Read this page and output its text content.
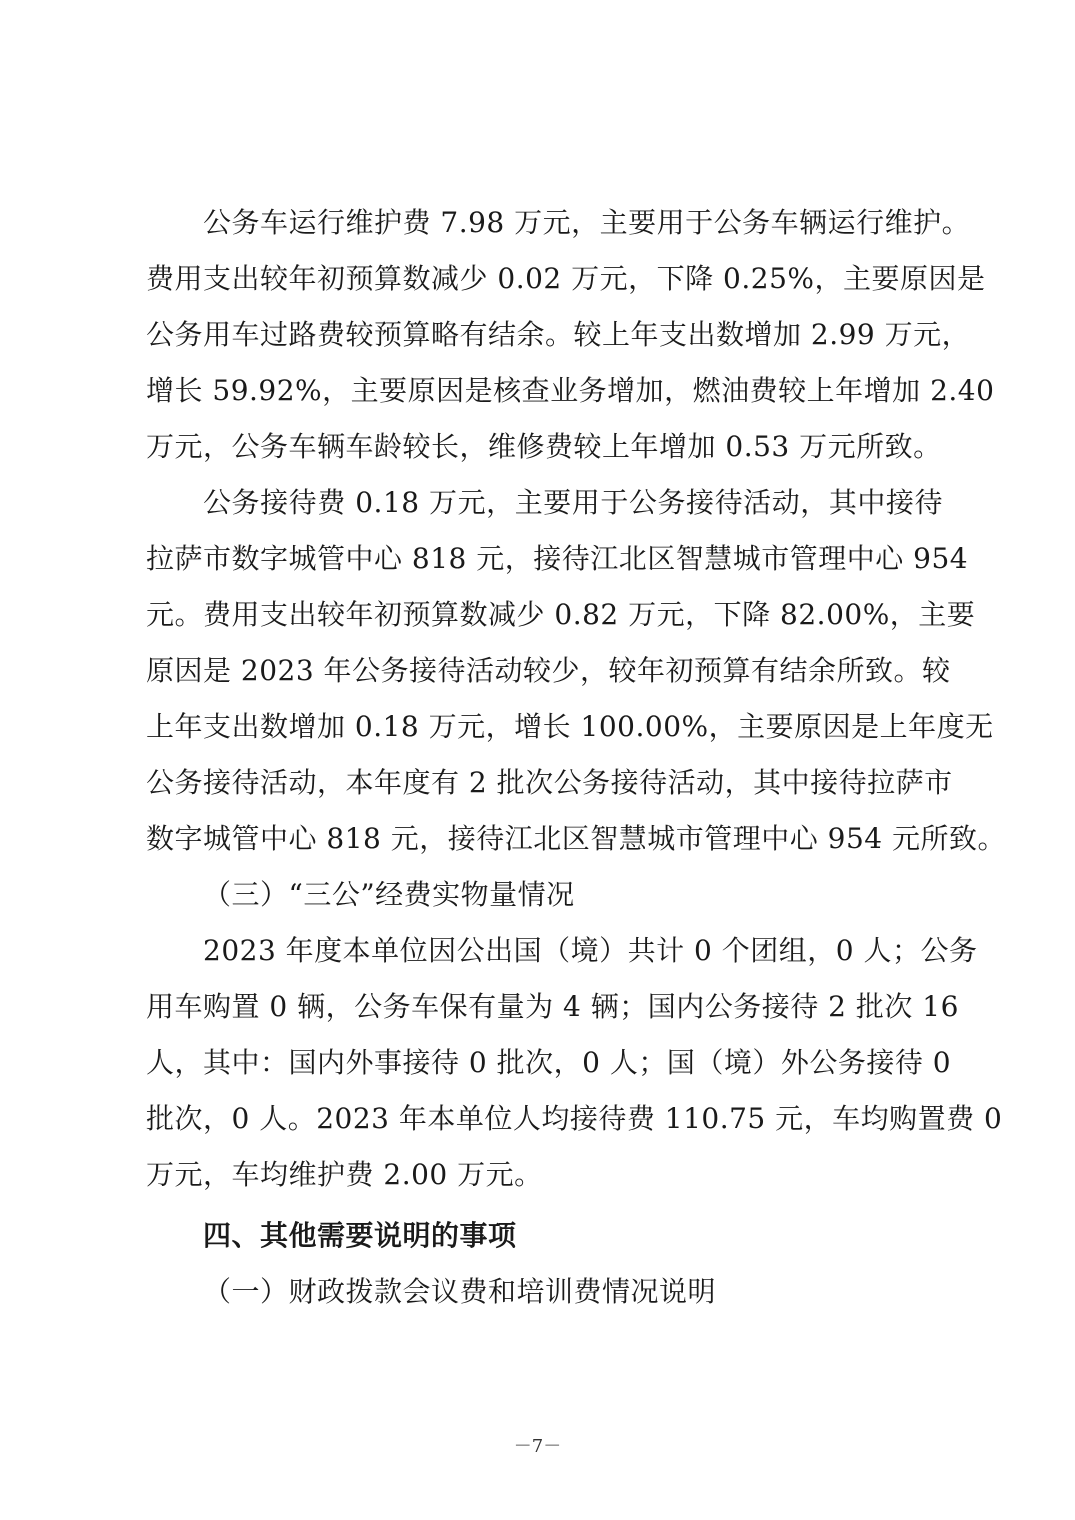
公务车运行维护费 7.98 万元，主要用于公务车辆运行维护。
费用支出较年初预算数减少 0.02 万元，下降 0.25%，主要原因是
公务用车过路费较预算略有结余。较上年支出数增加 2.99 万元，
增长 59.92%，主要原因是核查业务增加，燃油费较上年增加 2.40
万元，公务车辆车龄较长，维修费较上年增加 0.53 万元所致。
公务接待费 0.18 万元，主要用于公务接待活动，其中接待
拉萨市数字城管中心 818 元，接待江北区智慧城市管理中心 954
元。费用支出较年初预算数减少 0.82 万元，下降 82.00%，主要
原因是 2023 年公务接待活动较少，较年初预算有结余所致。较
上年支出数增加 0.18 万元，增长 100.00%，主要原因是上年度无
公务接待活动，本年度有 2 批次公务接待活动，其中接待拉萨市
数字城管中心 818 元，接待江北区智慧城市管理中心 954 元所致。
（三）“三公”经费实物量情况
2023 年度本单位因公出国（境）共计 0 个团组，0 人；公务
用车购置 0 辆，公务车保有量为 4 辆；国内公务接待 2 批次 16
人，其中：国内外事接待 0 批次，0 人；国（境）外公务接待 0
批次，0 人。2023 年本单位人均接待费 110.75 元，车均购置费 0
万元，车均维护费 2.00 万元。
四、其他需要说明的事项
（一）财政拨款会议费和培训费情况说明
－7－
